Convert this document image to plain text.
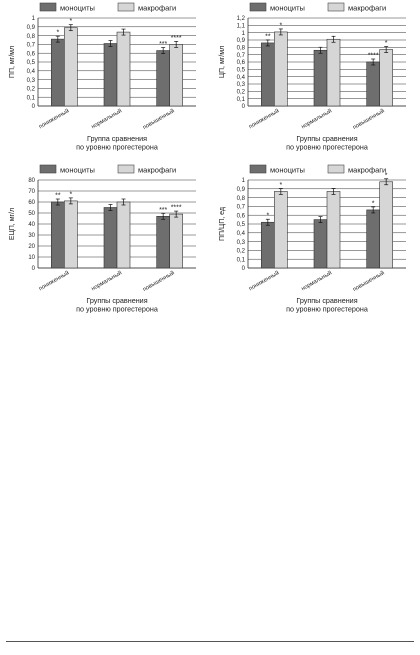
моноциты	макрофаги
0
0,1
0,2
0,3
0,4
0,5
0,6
0,7
0,8
0,9
1
ПП, мг/мл
*
*
пониженный	нормальный
***
****
повышенный
Группа сравнения
по уровню прогестерона
моноциты	макрофаги
0
0,1
0,2
0,3
0,4
0,5
0,6
0,7
0,8
0,9
1
1,1
1,2
ЦП, мг/мл
**
*
пониженный	нормальный
****
*
повышенный
Группы сравнения
по уровню прогестерона
моноциты	макрофаги
0
10
20
30
40
50
60
70
80
ЕЦП, мг/л
** *
пониженный	нормальный
*** ****
повышенный
Группы сравнения
по уровню прогестерона
моноциты	макрофаги
0
0,1
0,2
0,3
0,4
0,5
0,6
0,7
0,8
0,9
1
ПП/ЦП, ед	*
*
пониженный	нормальный
*
*
повышенный
Группы сравнения
по уровню прогестерона
